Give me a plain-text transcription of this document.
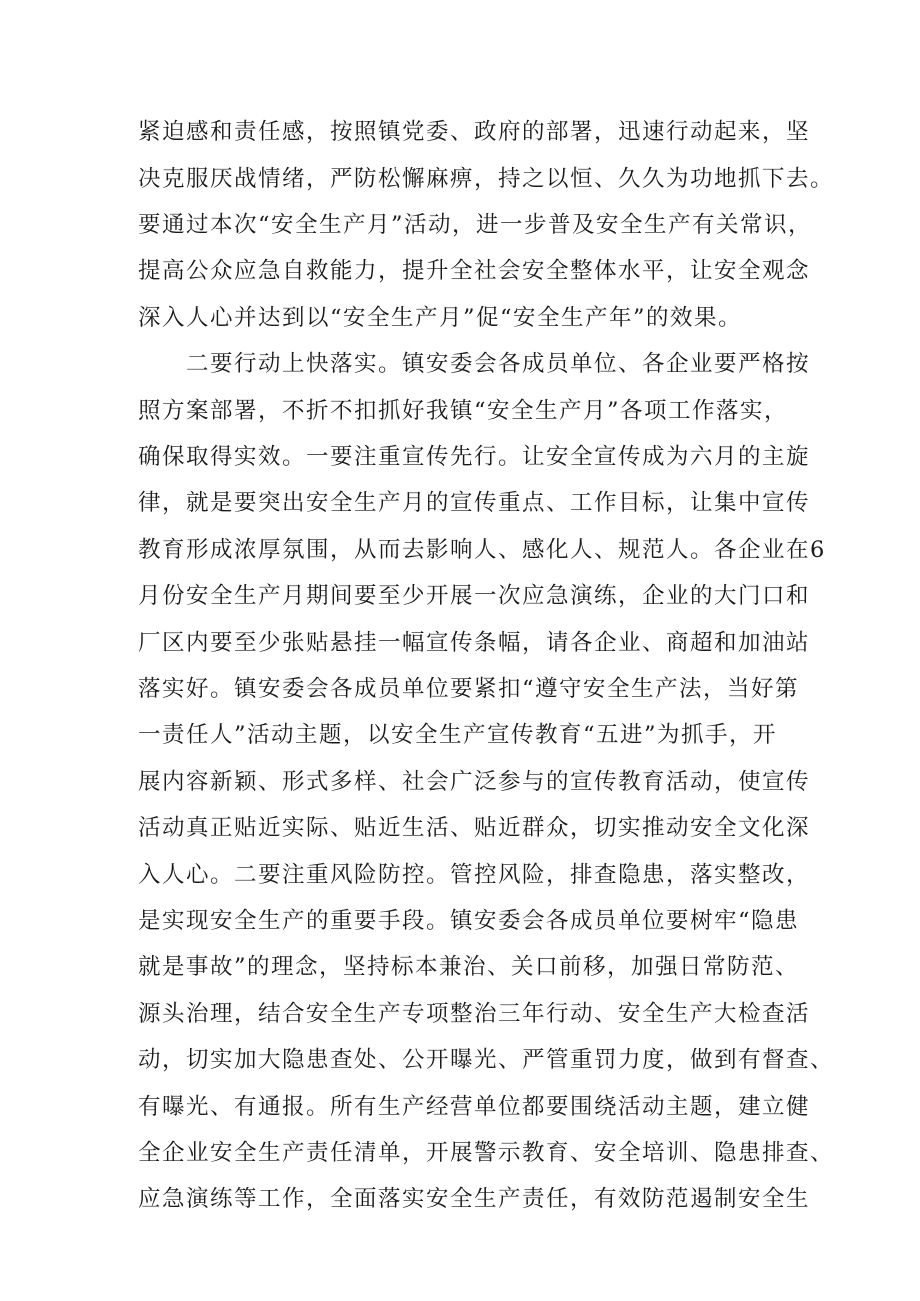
紧迫感和责任感，按照镇党委、政府的部署，迅速行动起来，坚
决克服厌战情绪，严防松懈麻痹，持之以恒、久久为功地抓下去。
要通过本次“安全生产月”活动，进一步普及安全生产有关常识，
提高公众应急自救能力，提升全社会安全整体水平，让安全观念
深入人心并达到以“安全生产月”促“安全生产年”的效果。
二要行动上快落实。镇安委会各成员单位、各企业要严格按
照方案部署，不折不扣抓好我镇“安全生产月”各项工作落实，
确保取得实效。一要注重宣传先行。让安全宣传成为六月的主旋
律，就是要突出安全生产月的宣传重点、工作目标，让集中宣传
教育形成浓厚氛围，从而去影响人、感化人、规范人。各企业在6
月份安全生产月期间要至少开展一次应急演练，企业的大门口和
厂区内要至少张贴悬挂一幅宣传条幅，请各企业、商超和加油站
落实好。镇安委会各成员单位要紧扣“遵守安全生产法，当好第
一责任人”活动主题，以安全生产宣传教育“五进”为抓手，开
展内容新颖、形式多样、社会广泛参与的宣传教育活动，使宣传
活动真正贴近实际、贴近生活、贴近群众，切实推动安全文化深
入人心。二要注重风险防控。管控风险，排查隐患，落实整改，
是实现安全生产的重要手段。镇安委会各成员单位要树牢“隐患
就是事故”的理念，坚持标本兼治、关口前移，加强日常防范、
源头治理，结合安全生产专项整治三年行动、安全生产大检查活
动，切实加大隐患查处、公开曝光、严管重罚力度，做到有督查、
有曝光、有通报。所有生产经营单位都要围绕活动主题，建立健
全企业安全生产责任清单，开展警示教育、安全培训、隐患排查、
应急演练等工作，全面落实安全生产责任，有效防范遏制安全生
